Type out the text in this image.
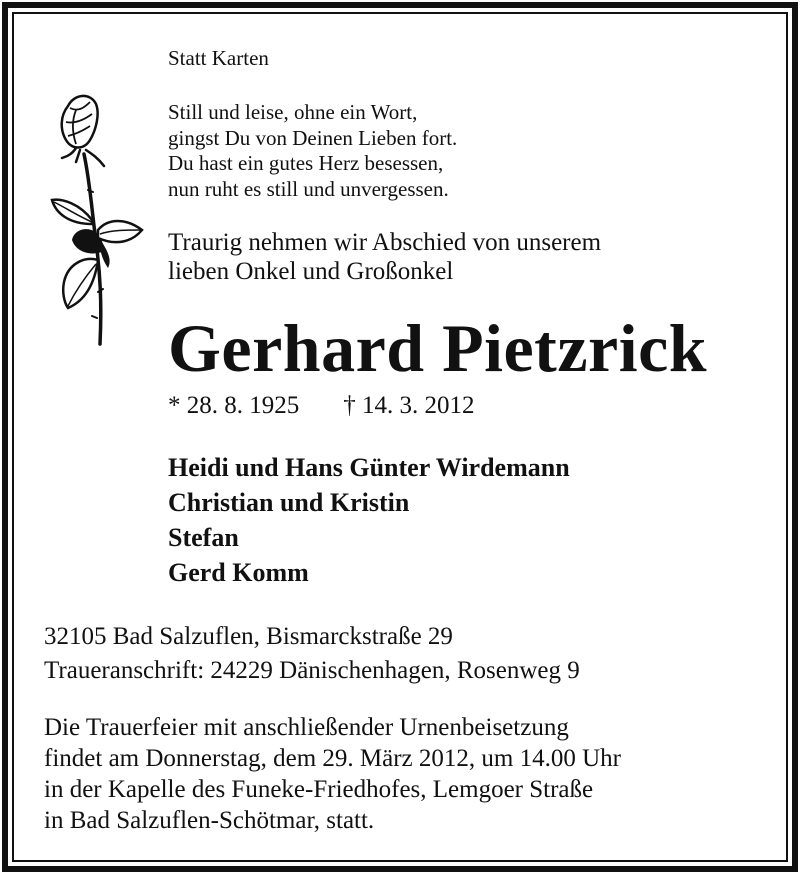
Statt Karten

Still und leise, ohne ein Wort,
gingst Du von Deinen Lieben fort.
Du hast ein gutes Herz besessen,
nun ruht es still und unvergessen.
Traurig nehmen wir Abschied von unserem
lieben Onkel und Großonkel
Gerhard Pietzrick
* 28. 8. 1925 † 14. 3. 2012
Heidi und Hans Günter Wirdemann
Christian und Kristin
Stefan
Gerd Komm
32105 Bad Salzuflen, Bismarckstraße 29
Traueranschrift: 24229 Dänischenhagen, Rosenweg 9
Die Trauerfeier mit anschließender Urnenbeisetzung
findet am Donnerstag, dem 29. März 2012, um 14.00 Uhr
in der Kapelle des Funeke-Friedhofes, Lemgoer Straße
in Bad Salzuflen-Schötmar, statt.
